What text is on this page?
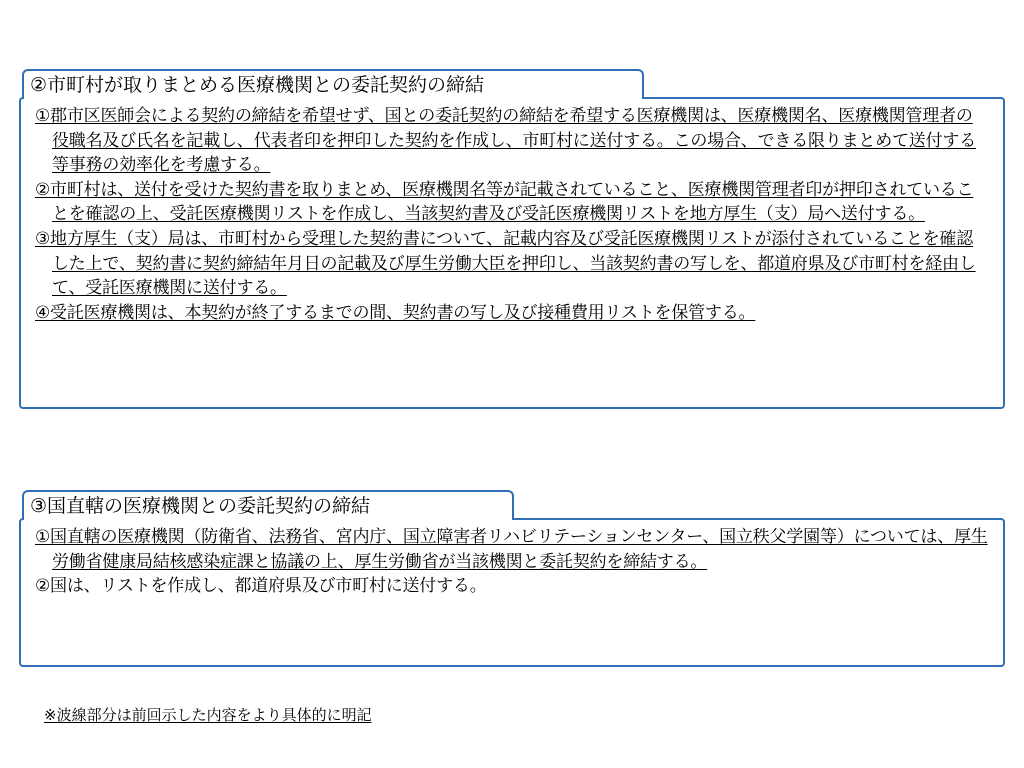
②市町村が取りまとめる医療機関との委託契約の締結
①郡市区医師会による契約の締結を希望せず、国との委託契約の締結を希望する医療機関は、医療機関名、医療機関管理者の役職名及び氏名を記載し、代表者印を押印した契約を作成し、市町村に送付する。この場合、できる限りまとめて送付する等事務の効率化を考慮する。
②市町村は、送付を受けた契約書を取りまとめ、医療機関名等が記載されていること、医療機関管理者印が押印されていることを確認の上、受託医療機関リストを作成し、当該契約書及び受託医療機関リストを地方厚生（支）局へ送付する。
③地方厚生（支）局は、市町村から受理した契約書について、記載内容及び受託医療機関リストが添付されていることを確認した上で、契約書に契約締結年月日の記載及び厚生労働大臣を押印し、当該契約書の写しを、都道府県及び市町村を経由して、受託医療機関に送付する。
④受託医療機関は、本契約が終了するまでの間、契約書の写し及び接種費用リストを保管する。
③国直轄の医療機関との委託契約の締結
①国直轄の医療機関（防衛省、法務省、宮内庁、国立障害者リハビリテーションセンター、国立秩父学園等）については、厚生労働省健康局結核感染症課と協議の上、厚生労働省が当該機関と委託契約を締結する。
②国は、リストを作成し、都道府県及び市町村に送付する。
※波線部分は前回示した内容をより具体的に明記
